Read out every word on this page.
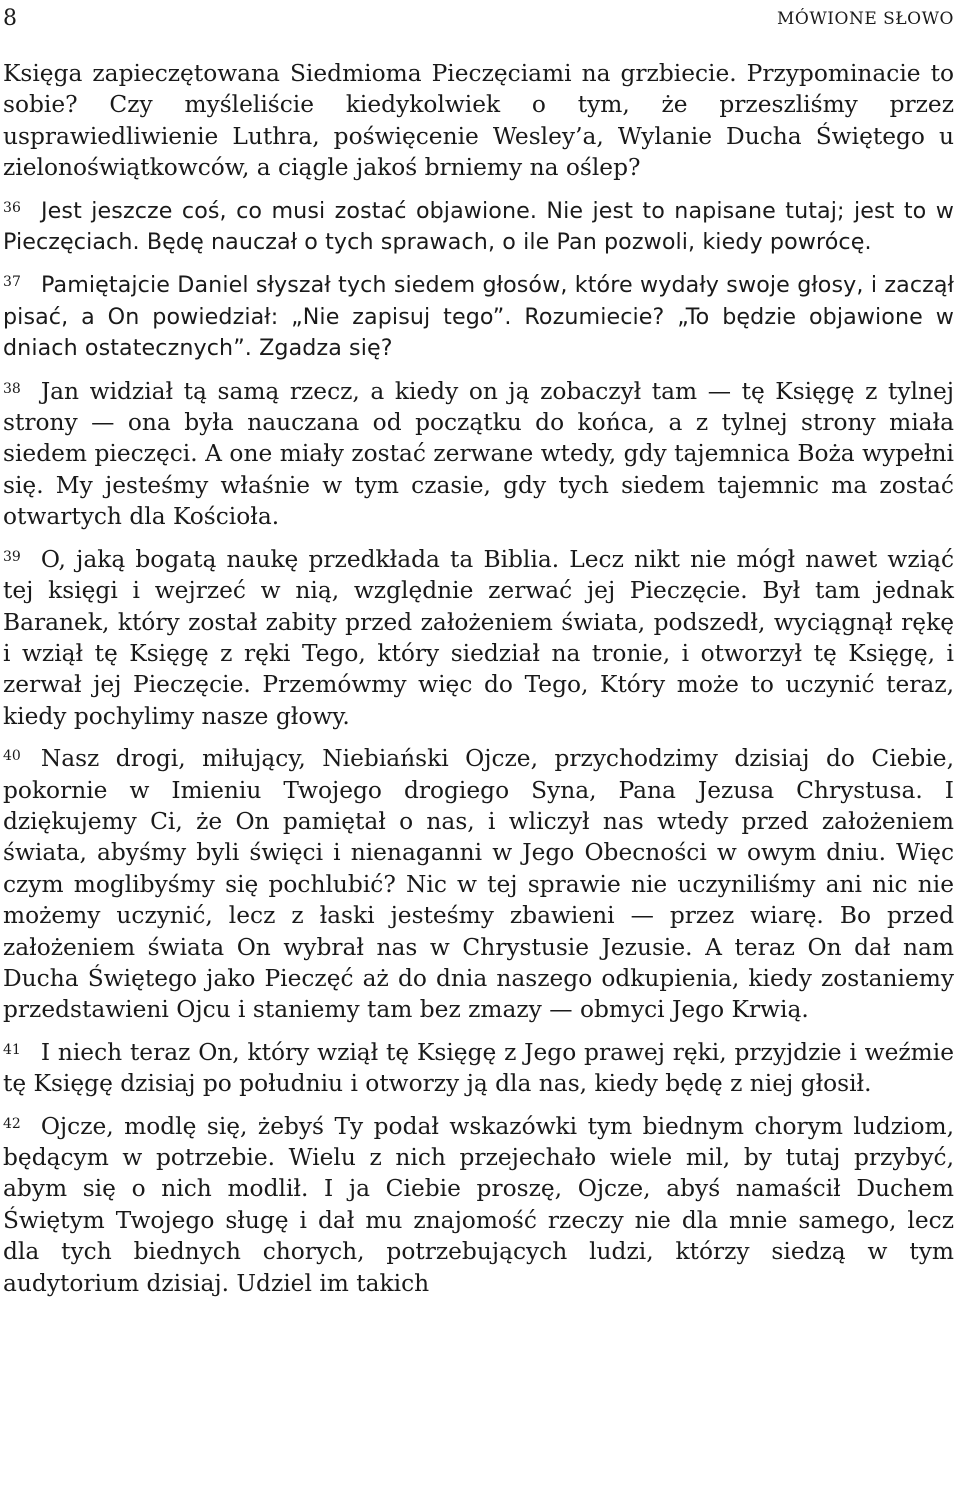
8	MÓWIONE SŁOWO

Księga zapieczętowana Siedmioma Pieczęciami na grzbiecie. Przypominacie to sobie? Czy myśleliście kiedykolwiek o tym, że przeszliśmy przez usprawiedliwienie Luthra, poświęcenie Wesley’a, Wylanie Ducha Świętego u zielonoświątkowców, a ciągle jakoś brniemy na oślep?

$^{36}$ Jest jeszcze coś, co musi zostać objawione. Nie jest to napisane tutaj; jest to w Pieczęciach. Będę nauczał o tych sprawach, o ile Pan pozwoli, kiedy powrócę.

$^{37}$ Pamiętajcie Daniel słyszał tych siedem głosów, które wydały swoje głosy, i zaczął pisać, a On powiedział: „Nie zapisuj tego”. Rozumiecie? „To będzie objawione w dniach ostatecznych”. Zgadza się?

$^{38}$ Jan widział tą samą rzecz, a kiedy on ją zobaczył tam — tę Księgę z tylnej strony — ona była nauczana od początku do końca, a z tylnej strony miała siedem pieczęci. A one miały zostać zerwane wtedy, gdy tajemnica Boża wypełni się. My jesteśmy właśnie w tym czasie, gdy tych siedem tajemnic ma zostać otwartych dla Kościoła.

$^{39}$ O, jaką bogatą naukę przedkłada ta Biblia. Lecz nikt nie mógł nawet wziąć tej księgi i wejrzeć w nią, względnie zerwać jej Pieczęcie. Był tam jednak Baranek, który został zabity przed założeniem świata, podszedł, wyciągnął rękę i wziął tę Księgę z ręki Tego, który siedział na tronie, i otworzył tę Księgę, i zerwał jej Pieczęcie. Przemówmy więc do Tego, Który może to uczynić teraz, kiedy pochylimy nasze głowy.

$^{40}$ Nasz drogi, miłujący, Niebiański Ojcze, przychodzimy dzisiaj do Ciebie, pokornie w Imieniu Twojego drogiego Syna, Pana Jezusa Chrystusa. I dziękujemy Ci, że On pamiętał o nas, i wliczył nas wtedy przed założeniem świata, abyśmy byli święci i nienaganni w Jego Obecności w owym dniu. Więc czym moglibyśmy się pochlubić? Nic w tej sprawie nie uczyniliśmy ani nic nie możemy uczynić, lecz z łaski jesteśmy zbawieni — przez wiarę. Bo przed założeniem świata On wybrał nas w Chrystusie Jezusie. A teraz On dał nam Ducha Świętego jako Pieczęć aż do dnia naszego odkupienia, kiedy zostaniemy przedstawieni Ojcu i staniemy tam bez zmazy — obmyci Jego Krwią.

$^{41}$ I niech teraz On, który wziął tę Księgę z Jego prawej ręki, przyjdzie i weźmie tę Księgę dzisiaj po południu i otworzy ją dla nas, kiedy będę z niej głosił.

$^{42}$ Ojcze, modlę się, żebyś Ty podał wskazówki tym biednym chorym ludziom, będącym w potrzebie. Wielu z nich przejechało wiele mil, by tutaj przybyć, abym się o nich modlił. I ja Ciebie proszę, Ojcze, abyś namaścił Duchem Świętym Twojego sługę i dał mu znajomość rzeczy nie dla mnie samego, lecz dla tych biednych chorych, potrzebujących ludzi, którzy siedzą w tym audytorium dzisiaj. Udziel im takich
